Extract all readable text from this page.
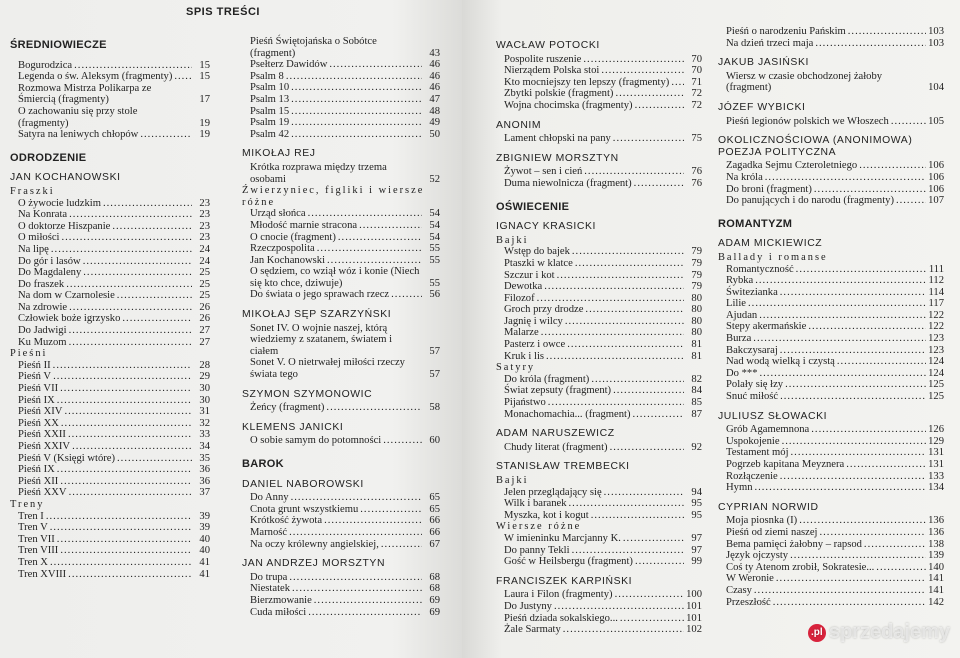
SPIS TREŚCI
ŚREDNIOWIECZE
Bogurodzica .....	15
Legenda o św. Aleksym (fragmenty) .....	15
Rozmowa Mistrza Polikarpa ze Śmiercią (fragmenty)	17
O zachowaniu się przy stole (fragmenty)	19
Satyra na leniwych chłopów .....	19
ODRODZENIE
JAN KOCHANOWSKI
Fraszki
O żywocie ludzkim .....	23
Na Konrata .....	23
O doktorze Hiszpanie .....	23
O miłości .....	23
Na lipę .....	24
Do gór i lasów .....	24
Do Magdaleny .....	25
Do fraszek .....	25
Na dom w Czarnolesie .....	25
Na zdrowie .....	26
Człowiek boże igrzysko .....	26
Do Jadwigi .....	27
Ku Muzom .....	27
Pieśni
Pieśń II .....	28
Pieśń V .....	29
Pieśń VII .....	30
Pieśń IX .....	30
Pieśń XIV .....	31
Pieśń XX .....	32
Pieśń XXII .....	33
Pieśń XXIV .....	34
Pieśń V (Księgi wtóre) .....	35
Pieśń IX .....	36
Pieśń XII .....	36
Pieśń XXV .....	37
Treny
Tren I .....	39
Tren V .....	39
Tren VII .....	40
Tren VIII .....	40
Tren X .....	41
Tren XVIII .....	41
Pieśń Świętojańska o Sobótce (fragment)	43
Psełterz Dawidów .....	46
Psalm 8 .....	46
Psalm 10 .....	46
Psalm 13 .....	47
Psalm 15 .....	48
Psalm 19 .....	49
Psalm 42 .....	50
MIKOŁAJ REJ
Krótka rozprawa między trzema osobami	52
Źwierzyniec, figliki i wierszе różne
Urząd słońca .....	54
Młodość marnie stracona .....	54
O cnocie (fragment) .....	54
Rzeczpospolita .....	55
Jan Kochanowski .....	55
O sędziem, co wziął wóz i konie (Niech się kto chce, dziwuje)	55
Do świata o jego sprawach rzecz .....	56
MIKOŁAJ SĘP SZARZYŃSKI
Sonet IV. O wojnie naszej, którą wiedziemy z szatanem, światem i ciałem	57
Sonet V. O nietrwałej miłości rzeczy świata tego	57
SZYMON SZYMONOWIC
Żeńcy (fragment) .....	58
KLEMENS JANICKI
O sobie samym do potomności .....	60
BAROK
DANIEL NABOROWSKI
Do Anny .....	65
Cnota grunt wszystkiemu .....	65
Krótkość żywota .....	66
Marność .....	66
Na oczy królewny angielskiej, .....	67
JAN ANDRZEJ MORSZTYN
Do trupa .....	68
Niestatek .....	68
Bierzmowanie .....	69
Cuda miłości .....	69
WACŁAW POTOCKI
Pospolite ruszenie .....	70
Nierządem Polska stoi .....	70
Kto mocniejszy ten lepszy (fragmenty) .....	71
Zbytki polskie (fragment) .....	72
Wojna chocimska (fragmenty) .....	72
ANONIM
Lament chłopski na pany .....	75
ZBIGNIEW MORSZTYN
Żywot – sen i cień .....	76
Duma niewolnicza (fragment) .....	76
OŚWIECENIE
IGNACY KRASICKI
Bajki
Wstęp do bajek .....	79
Ptaszki w klatce .....	79
Szczur i kot .....	79
Dewotka .....	79
Filozof .....	80
Groch przy drodze .....	80
Jagnię i wilcy .....	80
Malarze .....	80
Pasterz i owce .....	81
Kruk i lis .....	81
Satyry
Do króla (fragment) .....	82
Świat zepsuty (fragment) .....	84
Pijaństwo .....	85
Monachomachia... (fragment) .....	87
ADAM NARUSZEWICZ
Chudy literat (fragment) .....	92
STANISŁAW TREMBECKI
Bajki
Jelen przeglądający się .....	94
Wilk i baranek .....	95
Myszka, kot i kogut .....	95
Wiersze różne
W imieninku Marcjanny K. .....	97
Do panny Tekli .....	97
Gość w Heilsbergu (fragment) .....	99
FRANCISZEK KARPIŃSKI
Laura i Filon (fragmenty) .....	100
Do Justyny .....	101
Pieśń dziada sokalskiego... .....	101
Żale Sarmaty .....	102
Pieśń o narodzeniu Pańskim .....	103
Na dzień trzeci maja .....	103
JAKUB JASIŃSKI
Wiersz w czasie obchodzonej żałoby (fragment)	104
JÓZEF WYBICKI
Pieśń legionów polskich we Włoszech .....	105
OKOLICZNOŚCIOWA (ANONIMOWA) POEZJA POLITYCZNA
Zagadka Sejmu Czteroletniego .....	106
Na króla .....	106
Do broni (fragment) .....	106
Do panujących i do narodu (fragmenty) .....	107
ROMANTYZM
ADAM MICKIEWICZ
Ballady i romanse
Romantyczność .....	111
Rybka .....	112
Świtezianka .....	114
Lilie .....	117
Ajudan .....	122
Stepy akermańskie .....	122
Burza .....	123
Bakczysaraj .....	123
Nad wodą wielką i czystą .....	124
Do *** .....	124
Polały się łzy .....	125
Snuć miłość .....	125
JULIUSZ SŁOWACKI
Grób Agamemnona .....	126
Uspokojenie .....	129
Testament mój .....	131
Pogrzeb kapitana Meyznera .....	131
Rozłączenie .....	133
Hymn .....	134
CYPRIAN NORWID
Moja piosnka (I) .....	136
Pieśń od ziemi naszej .....	136
Bema pamięci żałobny – rapsod .....	138
Język ojczysty .....	139
Coś ty Atenom zrobił, Sokratesie... .....	140
W Weronie .....	141
Czasy .....	141
Przeszłość .....	142
.pl sprzedajemy
